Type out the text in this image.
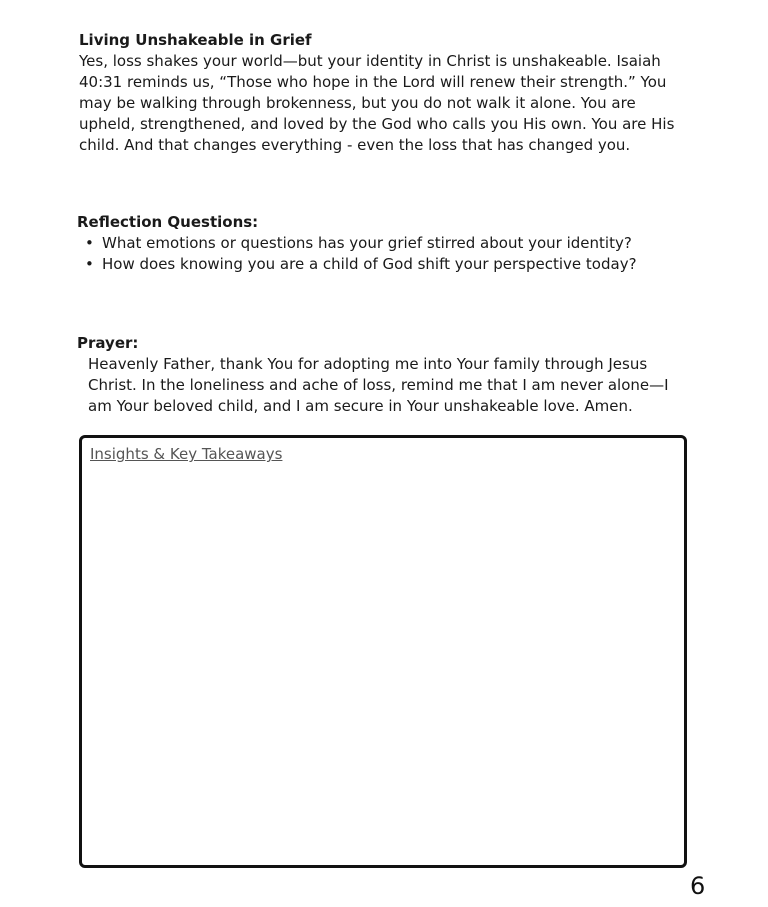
Living Unshakeable in Grief

Yes, loss shakes your world—but your identity in Christ is unshakeable. Isaiah

40:31 reminds us, “Those who hope in the Lord will renew their strength.” You

may be walking through brokenness, but you do not walk it alone. You are

upheld, strengthened, and loved by the God who calls you His own. You are His

child. And that changes everything - even the loss that has changed you.

Reflection Questions:

• What emotions or questions has your grief stirred about your identity?
• How does knowing you are a child of God shift your perspective today?

Prayer:

Heavenly Father, thank You for adopting me into Your family through Jesus

Christ. In the loneliness and ache of loss, remind me that I am never alone—I

am Your beloved child, and I am secure in Your unshakeable love. Amen.

Insights & Key Takeaways
6
